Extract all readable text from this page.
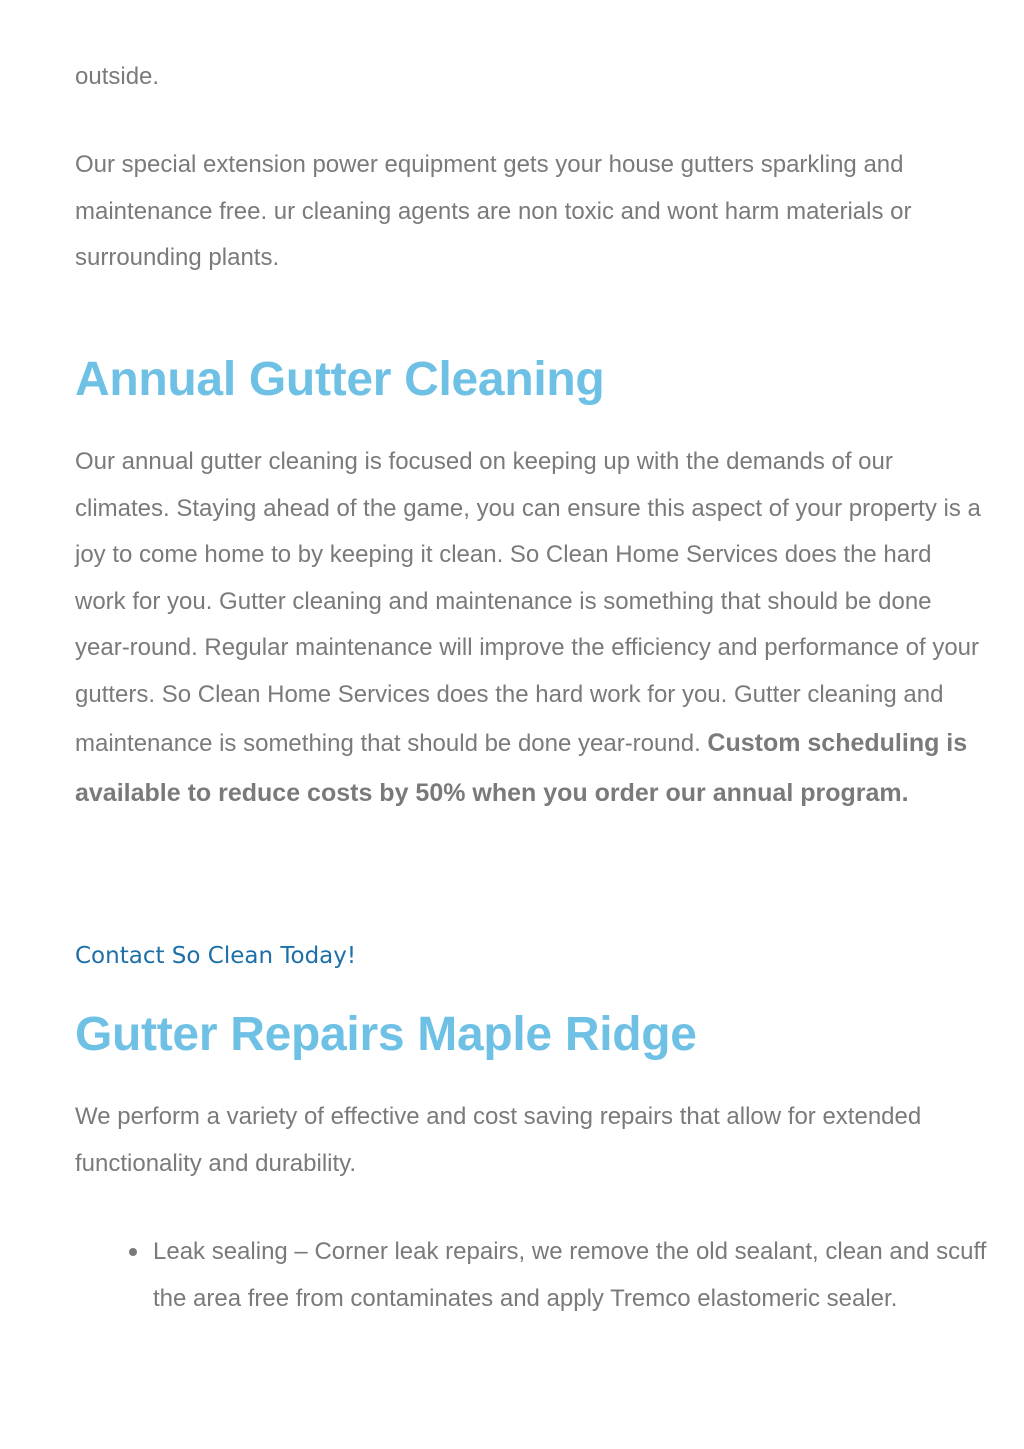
outside.

Our special extension power equipment gets your house gutters sparkling and maintenance free. ur cleaning agents are non toxic and wont harm materials or surrounding plants.

Annual Gutter Cleaning

Our annual gutter cleaning is focused on keeping up with the demands of our climates. Staying ahead of the game, you can ensure this aspect of your property is a joy to come home to by keeping it clean. So Clean Home Services does the hard work for you. Gutter cleaning and maintenance is something that should be done year-round. Regular maintenance will improve the efficiency and performance of your gutters. So Clean Home Services does the hard work for you. Gutter cleaning and maintenance is something that should be done year-round. Custom scheduling is available to reduce costs by 50% when you order our annual program.

Contact So Clean Today!
Gutter Repairs Maple Ridge

We perform a variety of effective and cost saving repairs that allow for extended functionality and durability.

Leak sealing – Corner leak repairs, we remove the old sealant, clean and scuff the area free from contaminates and apply Tremco elastomeric sealer.
